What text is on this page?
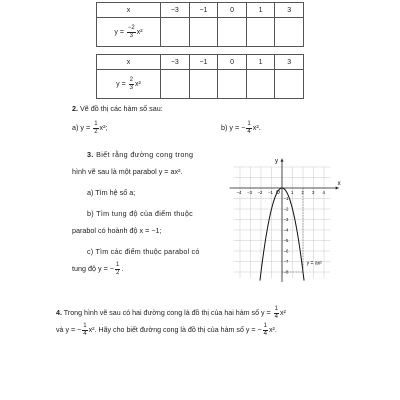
x	−3	−1	0	1	3
$y = \frac{-2}{3} x^2$					
x	−3	−1	0	1	3
$y = \frac{2}{3} x^2$					
2. Vẽ đồ thị các hàm số sau:
a) $y = \frac{1}{2} x^2$;	b) y = − $\frac{1}{4} x^2$.
3. Biết rằng đường cong trong
hình vẽ sau là một parabol y = ax².
a) Tìm hệ số a;
b) Tìm tung độ của điểm thuộc
parabol có hoành độ x = −1;
c) Tìm các điểm thuộc parabol có
tung độ y = − $\frac{1}{2}$ .
x
y
O
−4 −3 −2 −1	1 2 3 4
−1
−2
−3
−4
−5
−6
−7
−8
y = ax²
4. Trong hình vẽ sau có hai đường cong là đồ thị của hai hàm số $y = \frac{1}{4} x^2$
và y = − $\frac{1}{4} x^2$. Hãy cho biết đường cong là đồ thị của hàm số y = − $\frac{1}{4} x^2$.
